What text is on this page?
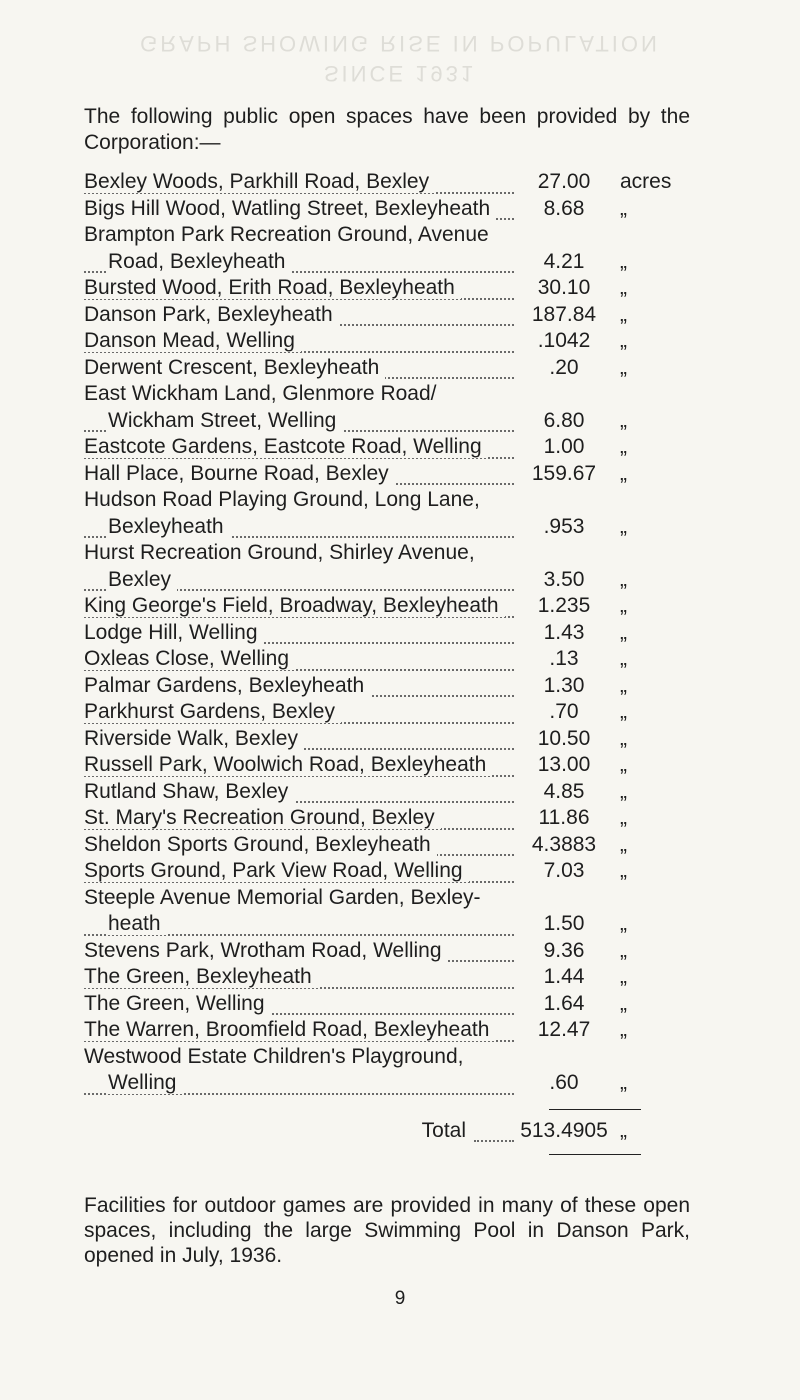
GRAPH SHOWING RISE IN POPULATION
SINCE 1931

The following public open spaces have been provided by the Corporation:—

Bexley Woods, Parkhill Road, Bexley	27.00	acres
Bigs Hill Wood, Watling Street, Bexleyheath	8.68	„
Brampton Park Recreation Ground, Avenue
Road, Bexleyheath	4.21	„
Bursted Wood, Erith Road, Bexleyheath	30.10	„
Danson Park, Bexleyheath	187.84	„
Danson Mead, Welling	.1042	„
Derwent Crescent, Bexleyheath	.20	„
East Wickham Land, Glenmore Road/
Wickham Street, Welling	6.80	„
Eastcote Gardens, Eastcote Road, Welling	1.00	„
Hall Place, Bourne Road, Bexley	159.67	„
Hudson Road Playing Ground, Long Lane,
Bexleyheath	.953	„
Hurst Recreation Ground, Shirley Avenue,
Bexley	3.50	„
King George's Field, Broadway, Bexleyheath	1.235	„
Lodge Hill, Welling	1.43	„
Oxleas Close, Welling	.13	„
Palmar Gardens, Bexleyheath	1.30	„
Parkhurst Gardens, Bexley	.70	„
Riverside Walk, Bexley	10.50	„
Russell Park, Woolwich Road, Bexleyheath	13.00	„
Rutland Shaw, Bexley	4.85	„
St. Mary's Recreation Ground, Bexley	11.86	„
Sheldon Sports Ground, Bexleyheath	4.3883	„
Sports Ground, Park View Road, Welling	7.03	„
Steeple Avenue Memorial Garden, Bexley-
heath	1.50	„
Stevens Park, Wrotham Road, Welling	9.36	„
The Green, Bexleyheath	1.44	„
The Green, Welling	1.64	„
The Warren, Broomfield Road, Bexleyheath	12.47	„
Westwood Estate Children's Playground,
Welling	.60	„
Total	513.4905 „

Facilities for outdoor games are provided in many of these open spaces, including the large Swimming Pool in Danson Park, opened in July, 1936.

9
